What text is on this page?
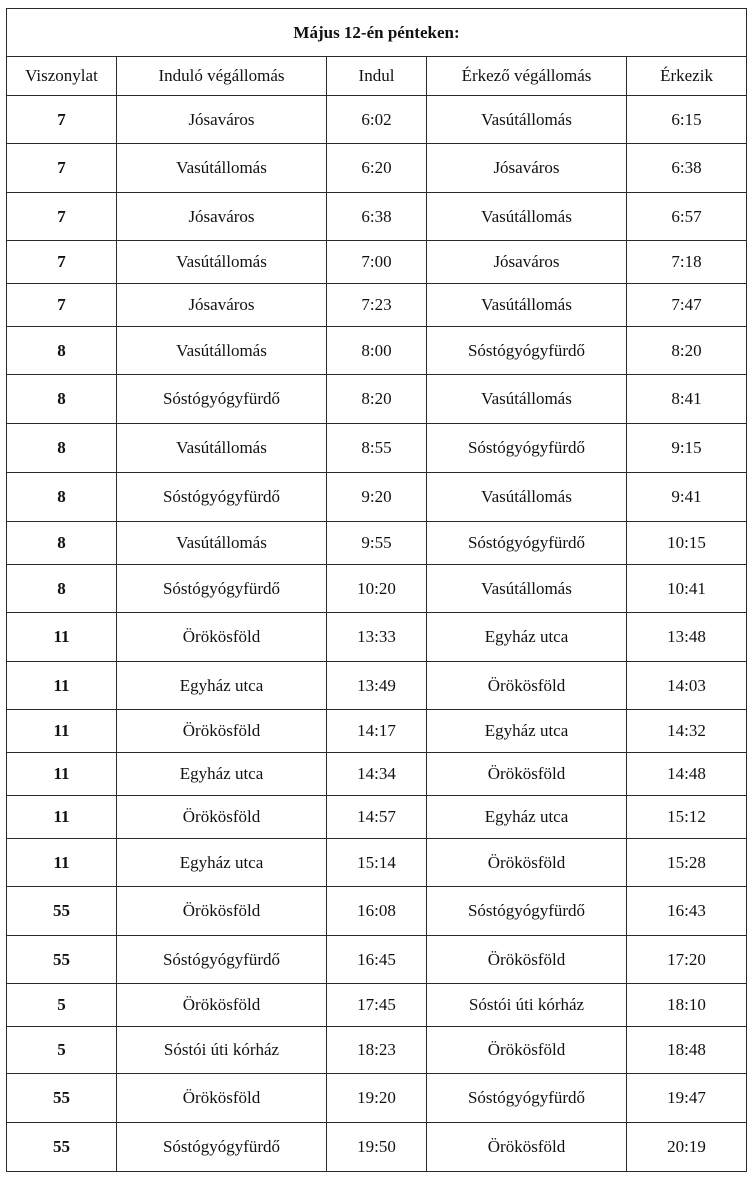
Május 12-én pénteken:				
Viszonylat	Induló végállomás	Indul	Érkező végállomás	Érkezik
7	Jósaváros	6:02	Vasútállomás	6:15
7	Vasútállomás	6:20	Jósaváros	6:38
7	Jósaváros	6:38	Vasútállomás	6:57
7	Vasútállomás	7:00	Jósaváros	7:18
7	Jósaváros	7:23	Vasútállomás	7:47
8	Vasútállomás	8:00	Sóstógyógyfürdő	8:20
8	Sóstógyógyfürdő	8:20	Vasútállomás	8:41
8	Vasútállomás	8:55	Sóstógyógyfürdő	9:15
8	Sóstógyógyfürdő	9:20	Vasútállomás	9:41
8	Vasútállomás	9:55	Sóstógyógyfürdő	10:15
8	Sóstógyógyfürdő	10:20	Vasútállomás	10:41
11	Örökösföld	13:33	Egyház utca	13:48
11	Egyház utca	13:49	Örökösföld	14:03
11	Örökösföld	14:17	Egyház utca	14:32
11	Egyház utca	14:34	Örökösföld	14:48
11	Örökösföld	14:57	Egyház utca	15:12
11	Egyház utca	15:14	Örökösföld	15:28
55	Örökösföld	16:08	Sóstógyógyfürdő	16:43
55	Sóstógyógyfürdő	16:45	Örökösföld	17:20
5	Örökösföld	17:45	Sóstói úti kórház	18:10
5	Sóstói úti kórház	18:23	Örökösföld	18:48
55	Örökösföld	19:20	Sóstógyógyfürdő	19:47
55	Sóstógyógyfürdő	19:50	Örökösföld	20:19
